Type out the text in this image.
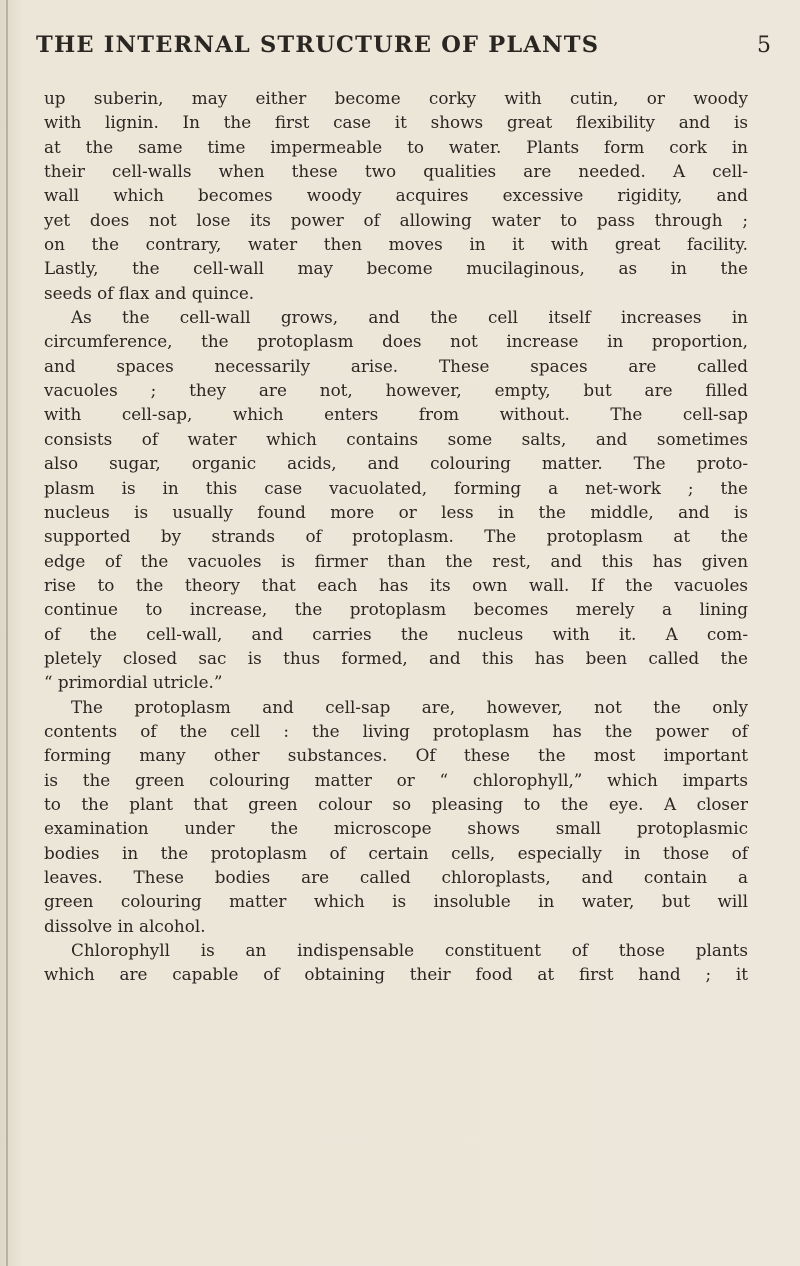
THE INTERNAL STRUCTURE OF PLANTS	5
up suberin, may either become corky with cutin, or woody
with lignin. In the first case it shows great flexibility and is
at the same time impermeable to water. Plants form cork in
their cell-walls when these two qualities are needed. A cell-
wall which becomes woody acquires excessive rigidity, and
yet does not lose its power of allowing water to pass through ;
on the contrary, water then moves in it with great facility.
Lastly, the cell-wall may become mucilaginous, as in the
seeds of flax and quince.
As the cell-wall grows, and the cell itself increases in
circumference, the protoplasm does not increase in proportion,
and spaces necessarily arise. These spaces are called
vacuoles ; they are not, however, empty, but are filled
with cell-sap, which enters from without. The cell-sap
consists of water which contains some salts, and sometimes
also sugar, organic acids, and colouring matter. The proto-
plasm is in this case vacuolated, forming a net-work ; the
nucleus is usually found more or less in the middle, and is
supported by strands of protoplasm. The protoplasm at the
edge of the vacuoles is firmer than the rest, and this has given
rise to the theory that each has its own wall. If the vacuoles
continue to increase, the protoplasm becomes merely a lining
of the cell-wall, and carries the nucleus with it. A com-
pletely closed sac is thus formed, and this has been called the
“ primordial utricle.”
The protoplasm and cell-sap are, however, not the only
contents of the cell : the living protoplasm has the power of
forming many other substances. Of these the most important
is the green colouring matter or “ chlorophyll,” which imparts
to the plant that green colour so pleasing to the eye. A closer
examination under the microscope shows small protoplasmic
bodies in the protoplasm of certain cells, especially in those of
leaves. These bodies are called chloroplasts, and contain a
green colouring matter which is insoluble in water, but will
dissolve in alcohol.
Chlorophyll is an indispensable constituent of those plants
which are capable of obtaining their food at first hand ; it
